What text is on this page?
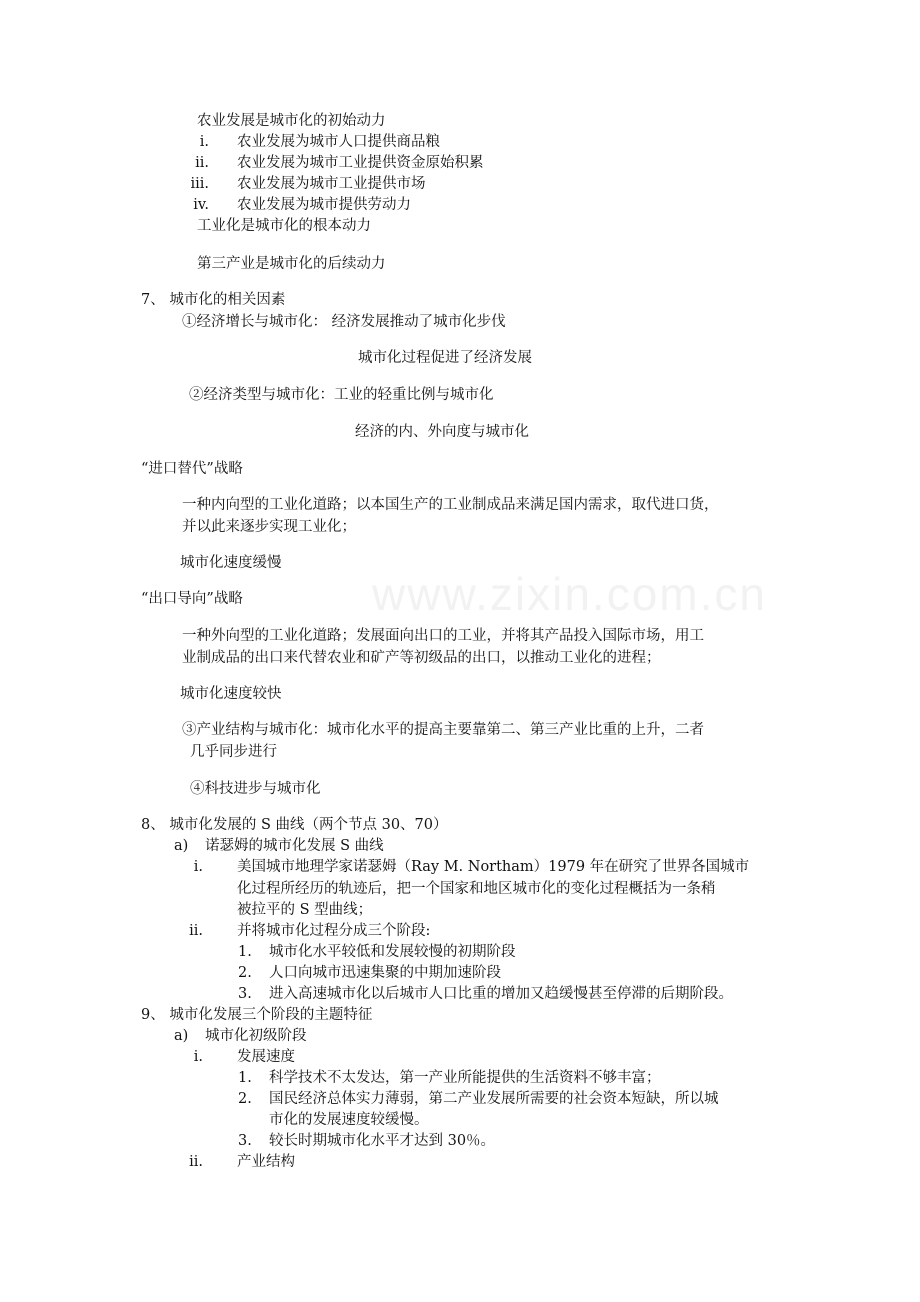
www.zixin.com.cn
农业发展是城市化的初始动力
i. 农业发展为城市人口提供商品粮
ii. 农业发展为城市工业提供资金原始积累
iii. 农业发展为城市工业提供市场
iv. 农业发展为城市提供劳动力
工业化是城市化的根本动力
第三产业是城市化的后续动力
7、 城市化的相关因素
①经济增长与城市化： 经济发展推动了城市化步伐
城市化过程促进了经济发展
②经济类型与城市化：工业的轻重比例与城市化
经济的内、外向度与城市化
“进口替代”战略
一种内向型的工业化道路；以本国生产的工业制成品来满足国内需求，取代进口货，
并以此来逐步实现工业化；
城市化速度缓慢
“出口导向”战略
一种外向型的工业化道路；发展面向出口的工业，并将其产品投入国际市场，用工
业制成品的出口来代替农业和矿产等初级品的出口，以推动工业化的进程；
城市化速度较快
③产业结构与城市化：城市化水平的提高主要靠第二、第三产业比重的上升，二者
几乎同步进行
④科技进步与城市化
8、 城市化发展的 S 曲线（两个节点 30、70）
a) 诺瑟姆的城市化发展 S 曲线
i. 美国城市地理学家诺瑟姆（Ray M. Northam）1979 年在研究了世界各国城市
化过程所经历的轨迹后，把一个国家和地区城市化的变化过程概括为一条稍
被拉平的 S 型曲线；
ii. 并将城市化过程分成三个阶段:
1. 城市化水平较低和发展较慢的初期阶段
2. 人口向城市迅速集聚的中期加速阶段
3. 进入高速城市化以后城市人口比重的增加又趋缓慢甚至停滞的后期阶段。
9、 城市化发展三个阶段的主题特征
a) 城市化初级阶段
i. 发展速度
1. 科学技术不太发达，第一产业所能提供的生活资料不够丰富；
2. 国民经济总体实力薄弱，第二产业发展所需要的社会资本短缺，所以城
市化的发展速度较缓慢。
3. 较长时期城市化水平才达到 30％。
ii. 产业结构
